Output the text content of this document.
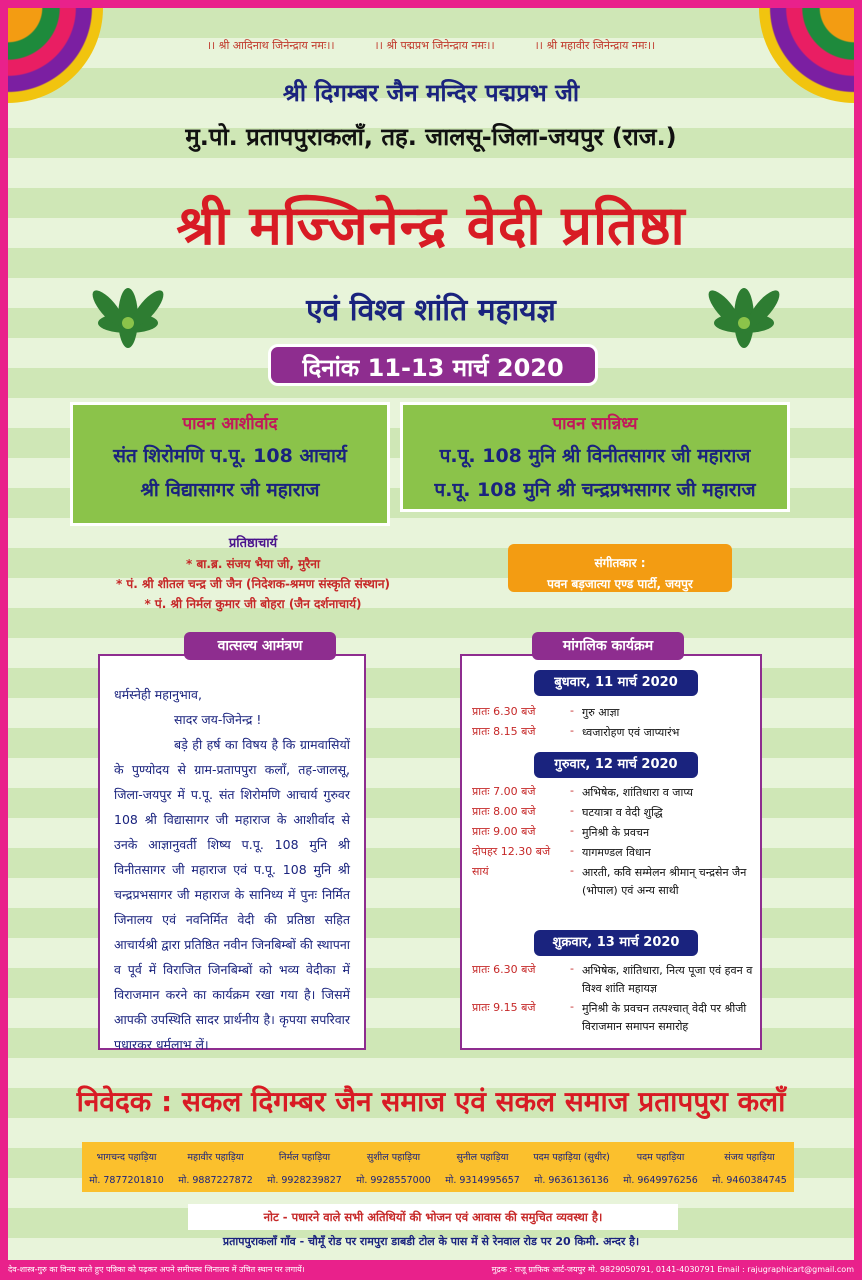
।। श्री आदिनाथ जिनेन्द्राय नमः।।	।। श्री पद्मप्रभ जिनेन्द्राय नमः।।	।। श्री महावीर जिनेन्द्राय नमः।।
श्री दिगम्बर जैन मन्दिर पद्मप्रभ जी
मु.पो. प्रतापपुराकलाँ, तह. जालसू-जिला-जयपुर (राज.)
श्री मज्जिनेन्द्र वेदी प्रतिष्ठा
एवं विश्व शांति महायज्ञ
दिनांक 11-13 मार्च 2020
पावन आशीर्वाद
संत शिरोमणि प.पू. 108 आचार्य
श्री विद्यासागर जी महाराज
पावन सान्निध्य
प.पू. 108 मुनि श्री विनीतसागर जी महाराज
प.पू. 108 मुनि श्री चन्द्रप्रभसागर जी महाराज
प्रतिष्ठाचार्य
* बा.ब्र. संजय भैया जी, मुरैना
* पं. श्री शीतल चन्द्र जी जैन (निदेशक-श्रमण संस्कृति संस्थान)
* पं. श्री निर्मल कुमार जी बोहरा (जैन दर्शनाचार्य)
संगीतकार :
पवन बड़जात्या एण्ड पार्टी, जयपुर
धर्मस्नेही महानुभाव,
सादर जय-जिनेन्द्र !
बड़े ही हर्ष का विषय है कि ग्रामवासियों के पुण्योदय से ग्राम-प्रतापपुरा कलाँ, तह-जालसू, जिला-जयपुर में प.पू. संत शिरोमणि आचार्य गुरुवर 108 श्री विद्यासागर जी महाराज के आशीर्वाद से उनके आज्ञानुवर्ती शिष्य प.पू. 108 मुनि श्री विनीतसागर जी महाराज एवं प.पू. 108 मुनि श्री चन्द्रप्रभसागर जी महाराज के सानिध्य में पुनः निर्मित जिनालय एवं नवनिर्मित वेदी की प्रतिष्ठा सहित आचार्यश्री द्वारा प्रतिष्ठित नवीन जिनबिम्बों की स्थापना व पूर्व में विराजित जिनबिम्बों को भव्य वेदीका में विराजमान करने का कार्यक्रम रखा गया है। जिसमें आपकी उपस्थिति सादर प्रार्थनीय है। कृपया सपरिवार पधारकर धर्मलाभ लें।
वात्सल्य आमंत्रण
बुधवार, 11 मार्च 2020
प्रातः 6.30 बजे	- गुरु आज्ञा
प्रातः 8.15 बजे	- ध्वजारोहण एवं जाप्यारंभ
गुरुवार, 12 मार्च 2020
प्रातः 7.00 बजे	- अभिषेक, शांतिधारा व जाप्य
प्रातः 8.00 बजे	- घटयात्रा व वेदी शुद्धि
प्रातः 9.00 बजे	- मुनिश्री के प्रवचन
दोपहर 12.30 बजे	- यागमण्डल विधान
सायं	- आरती, कवि सम्मेलन श्रीमान् चन्द्रसेन जैन (भोपाल) एवं अन्य साथी
शुक्रवार, 13 मार्च 2020
प्रातः 6.30 बजे	- अभिषेक, शांतिधारा, नित्य पूजा एवं हवन व विश्व शांति महायज्ञ
प्रातः 9.15 बजे	- मुनिश्री के प्रवचन तत्पश्चात् वेदी पर श्रीजी विराजमान समापन समारोह
मांगलिक कार्यक्रम
निवेदक : सकल दिगम्बर जैन समाज एवं सकल समाज प्रतापपुरा कलाँ
भागचन्द पहाड़िया
मो. 7877201810
महावीर पहाड़िया
मो. 9887227872
निर्मल पहाड़िया
मो. 9928239827
सुशील पहाड़िया
मो. 9928557000
सुनील पहाड़िया
मो. 9314995657
पदम पहाड़िया (सुधीर)
मो. 9636136136
पदम पहाड़िया
मो. 9649976256
संजय पहाड़िया
मो. 9460384745
नोट - पधारने वाले सभी अतिथियों की भोजन एवं आवास की समुचित व्यवस्था है।
प्रतापपुराकलाँ गाँव - चौमूँ रोड पर रामपुरा डाबडी टोल के पास में से रेनवाल रोड पर 20 किमी. अन्दर है।
देव-शास्त्र-गुरु का विनय करते हुए पत्रिका को पढ़कर अपने समीपस्थ जिनालय में उचित स्थान पर लगायें।	मुद्रक : राजू ग्राफिक आर्ट-जयपुर मो. 9829050791, 0141-4030791 Email : rajugraphicart@gmail.com
